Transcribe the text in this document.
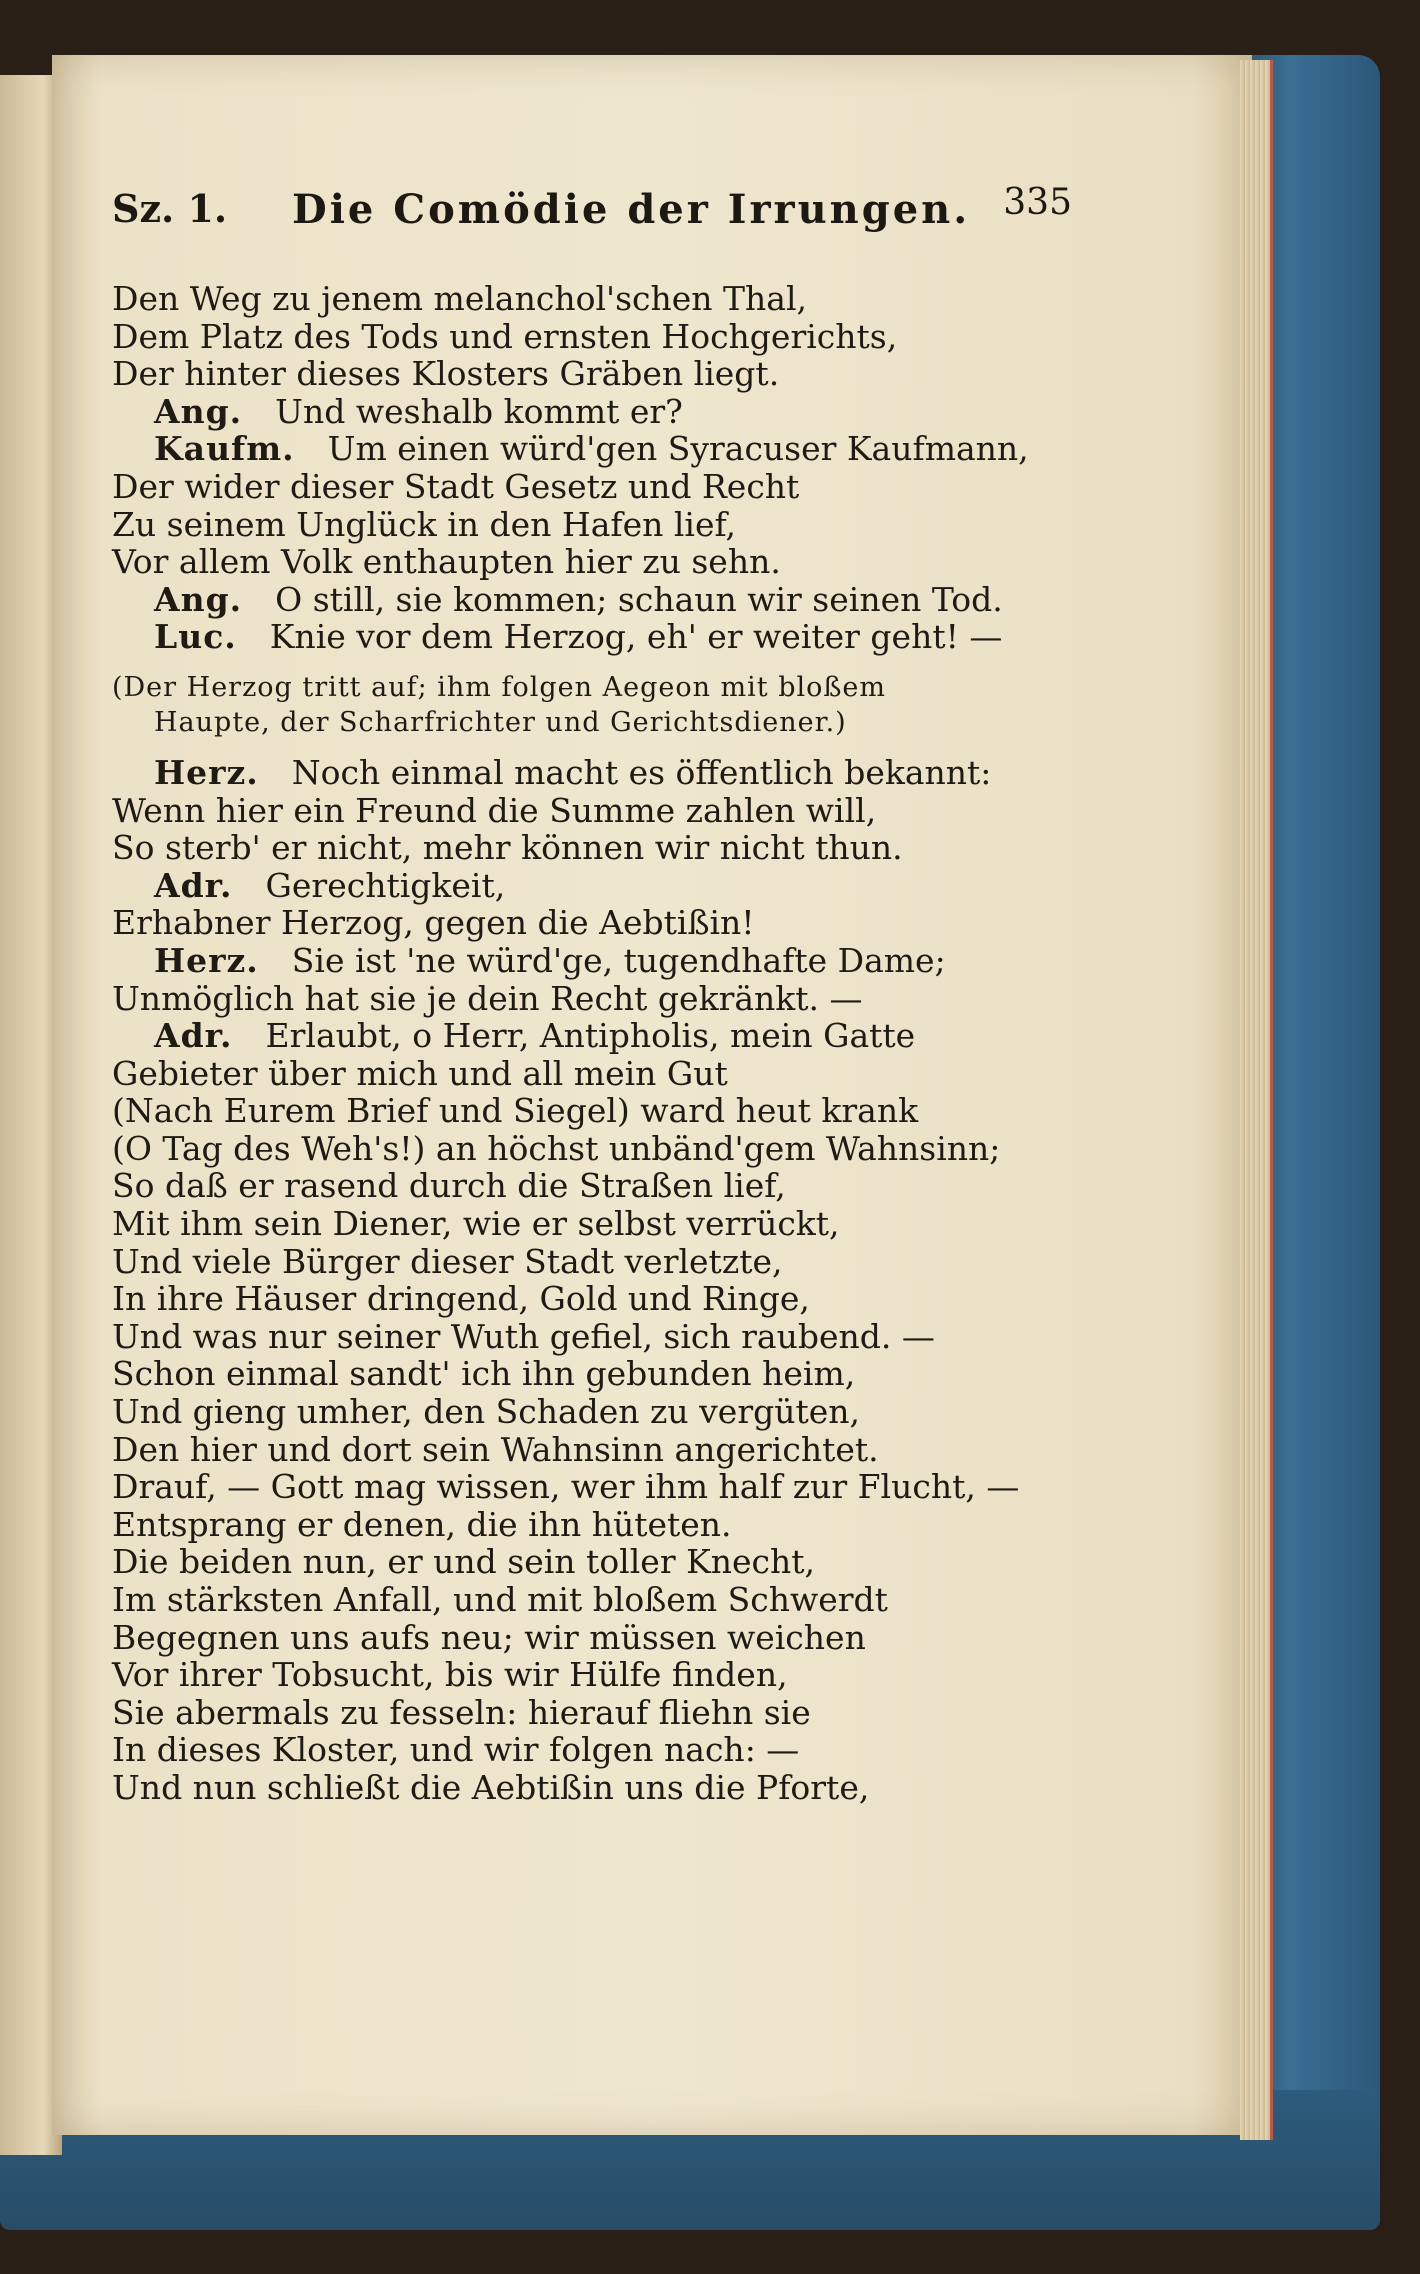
Sz. 1. Die Comödie der Irrungen. 335
Den Weg zu jenem melanchol'schen Thal,
Dem Platz des Tods und ernsten Hochgerichts,
Der hinter dieses Klosters Gräben liegt.
Ang.  Und weshalb kommt er?
Kaufm.  Um einen würd'gen Syracuser Kaufmann,
Der wider dieser Stadt Gesetz und Recht
Zu seinem Unglück in den Hafen lief,
Vor allem Volk enthaupten hier zu sehn.
Ang.  O still, sie kommen; schaun wir seinen Tod.
Luc.  Knie vor dem Herzog, eh' er weiter geht! —
(Der Herzog tritt auf; ihm folgen Aegeon mit bloßem
Haupte, der Scharfrichter und Gerichtsdiener.)
Herz.  Noch einmal macht es öffentlich bekannt:
Wenn hier ein Freund die Summe zahlen will,
So sterb' er nicht, mehr können wir nicht thun.
Adr.  Gerechtigkeit,
Erhabner Herzog, gegen die Aebtißin!
Herz.  Sie ist 'ne würd'ge, tugendhafte Dame;
Unmöglich hat sie je dein Recht gekränkt. —
Adr.  Erlaubt, o Herr, Antipholis, mein Gatte
Gebieter über mich und all mein Gut
(Nach Eurem Brief und Siegel) ward heut krank
(O Tag des Weh's!) an höchst unbänd'gem Wahnsinn;
So daß er rasend durch die Straßen lief,
Mit ihm sein Diener, wie er selbst verrückt,
Und viele Bürger dieser Stadt verletzte,
In ihre Häuser dringend, Gold und Ringe,
Und was nur seiner Wuth gefiel, sich raubend. —
Schon einmal sandt' ich ihn gebunden heim,
Und gieng umher, den Schaden zu vergüten,
Den hier und dort sein Wahnsinn angerichtet.
Drauf, — Gott mag wissen, wer ihm half zur Flucht, —
Entsprang er denen, die ihn hüteten.
Die beiden nun, er und sein toller Knecht,
Im stärksten Anfall, und mit bloßem Schwerdt
Begegnen uns aufs neu; wir müssen weichen
Vor ihrer Tobsucht, bis wir Hülfe finden,
Sie abermals zu fesseln: hierauf fliehn sie
In dieses Kloster, und wir folgen nach: —
Und nun schließt die Aebtißin uns die Pforte,
